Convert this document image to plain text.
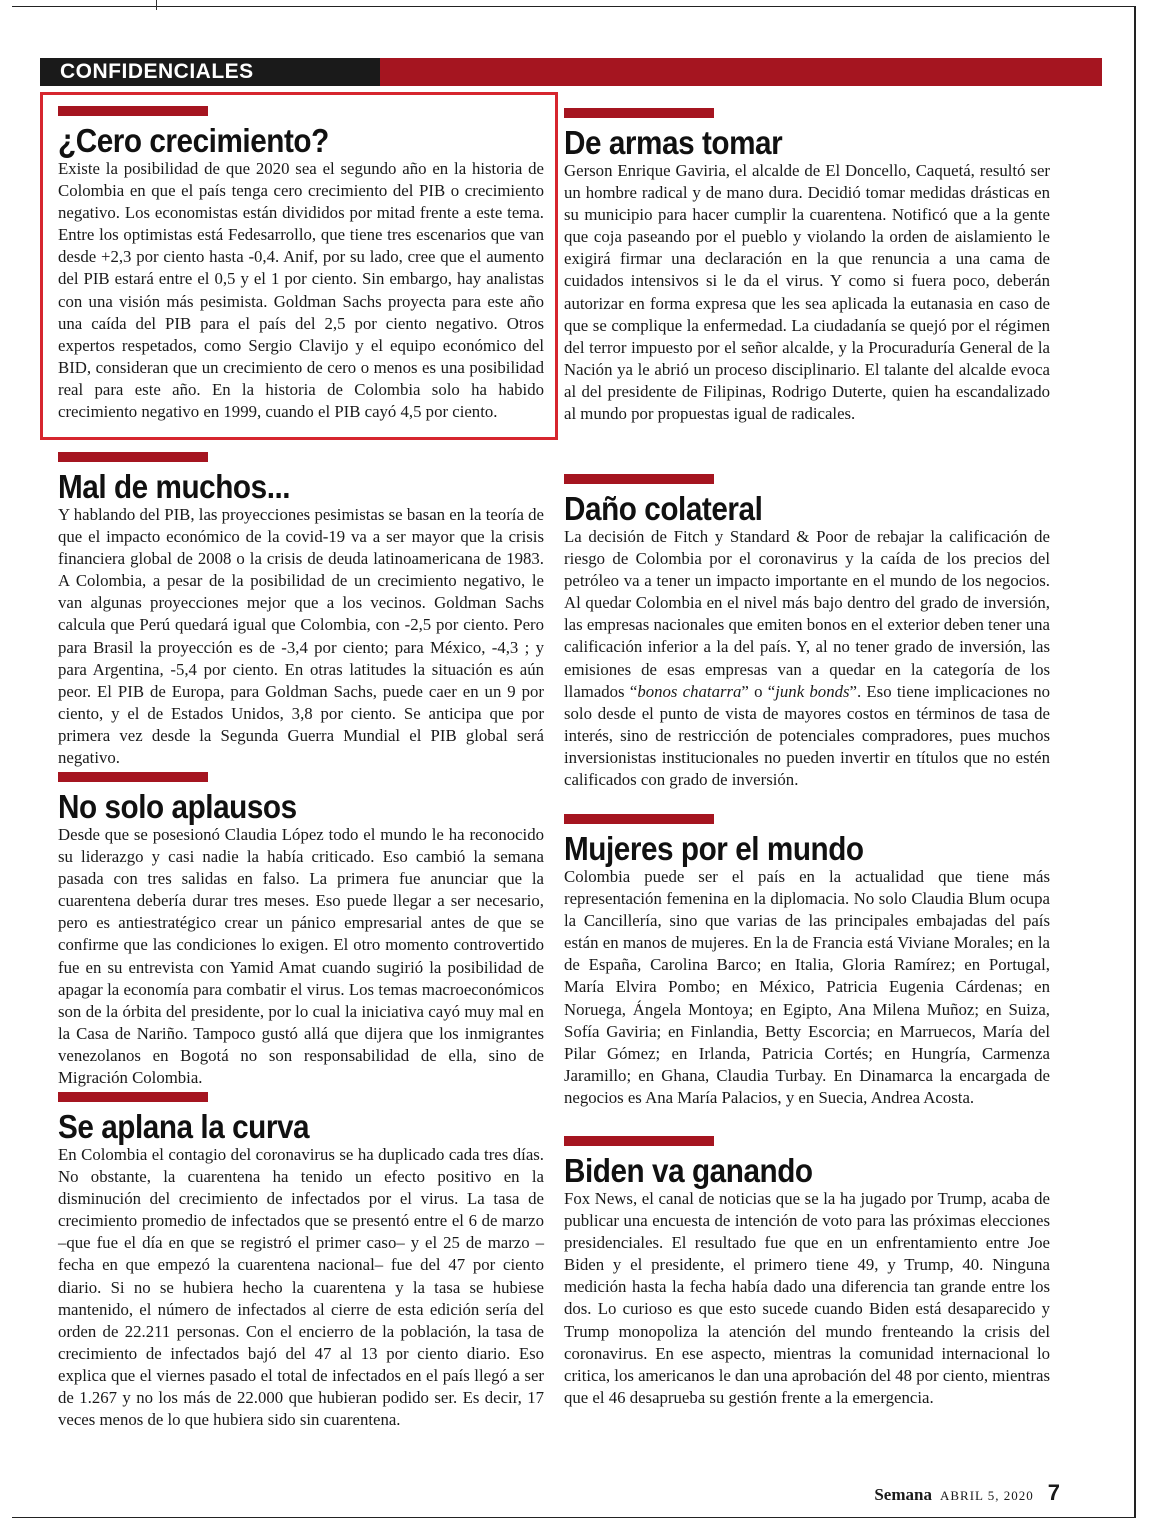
CONFIDENCIALES
¿Cero crecimiento?

Existe la posibilidad de que 2020 sea el segundo año en la historia de Colombia en que el país tenga cero crecimiento del PIB o crecimiento negativo. Los economistas están divididos por mitad frente a este tema. Entre los optimistas está Fedesarrollo, que tiene tres escenarios que van desde +2,3 por ciento hasta -0,4. Anif, por su lado, cree que el aumento del PIB estará entre el 0,5 y el 1 por ciento. Sin embargo, hay analistas con una visión más pesimista. Goldman Sachs proyecta para este año una caída del PIB para el país del 2,5 por ciento negativo. Otros expertos respetados, como Sergio Clavijo y el equipo económico del BID, consideran que un crecimiento de cero o menos es una posibilidad real para este año. En la historia de Colombia solo ha habido crecimiento negativo en 1999, cuando el PIB cayó 4,5 por ciento.

Mal de muchos...

Y hablando del PIB, las proyecciones pesimistas se basan en la teoría de que el impacto económico de la covid-19 va a ser mayor que la crisis financiera global de 2008 o la crisis de deuda latinoamericana de 1983. A Colombia, a pesar de la posibilidad de un crecimiento negativo, le van algunas proyecciones mejor que a los vecinos. Goldman Sachs calcula que Perú quedará igual que Colombia, con -2,5 por ciento. Pero para Brasil la proyección es de -3,4 por ciento; para México, -4,3 ; y para Argentina, -5,4 por ciento. En otras latitudes la situación es aún peor. El PIB de Europa, para Goldman Sachs, puede caer en un 9 por ciento, y el de Estados Unidos, 3,8 por ciento. Se anticipa que por primera vez desde la Segunda Guerra Mundial el PIB global será negativo.

No solo aplausos

Desde que se posesionó Claudia López todo el mundo le ha reconocido su liderazgo y casi nadie la había criticado. Eso cambió la semana pasada con tres salidas en falso. La primera fue anunciar que la cuarentena debería durar tres meses. Eso puede llegar a ser necesario, pero es antiestratégico crear un pánico empresarial antes de que se confirme que las condiciones lo exigen. El otro momento controvertido fue en su entrevista con Yamid Amat cuando sugirió la posibilidad de apagar la economía para combatir el virus. Los temas macroeconómicos son de la órbita del presidente, por lo cual la iniciativa cayó muy mal en la Casa de Nariño. Tampoco gustó allá que dijera que los inmigrantes venezolanos en Bogotá no son responsabilidad de ella, sino de Migración Colombia.

Se aplana la curva

En Colombia el contagio del coronavirus se ha duplicado cada tres días. No obstante, la cuarentena ha tenido un efecto positivo en la disminución del crecimiento de infectados por el virus. La tasa de crecimiento promedio de infectados que se presentó entre el 6 de marzo –que fue el día en que se registró el primer caso– y el 25 de marzo –fecha en que empezó la cuarentena nacional– fue del 47 por ciento diario. Si no se hubiera hecho la cuarentena y la tasa se hubiese mantenido, el número de infectados al cierre de esta edición sería del orden de 22.211 personas. Con el encierro de la población, la tasa de crecimiento de infectados bajó del 47 al 13 por ciento diario. Eso explica que el viernes pasado el total de infectados en el país llegó a ser de 1.267 y no los más de 22.000 que hubieran podido ser. Es decir, 17 veces menos de lo que hubiera sido sin cuarentena.

De armas tomar

Gerson Enrique Gaviria, el alcalde de El Doncello, Caquetá, resultó ser un hombre radical y de mano dura. Decidió tomar medidas drásticas en su municipio para hacer cumplir la cuarentena. Notificó que a la gente que coja paseando por el pueblo y violando la orden de aislamiento le exigirá firmar una declaración en la que renuncia a una cama de cuidados intensivos si le da el virus. Y como si fuera poco, deberán autorizar en forma expresa que les sea aplicada la eutanasia en caso de que se complique la enfermedad. La ciudadanía se quejó por el régimen del terror impuesto por el señor alcalde, y la Procuraduría General de la Nación ya le abrió un proceso disciplinario. El talante del alcalde evoca al del presidente de Filipinas, Rodrigo Duterte, quien ha escandalizado al mundo por propuestas igual de radicales.

Daño colateral

La decisión de Fitch y Standard & Poor de rebajar la calificación de riesgo de Colombia por el coronavirus y la caída de los precios del petróleo va a tener un impacto importante en el mundo de los negocios. Al quedar Colombia en el nivel más bajo dentro del grado de inversión, las empresas nacionales que emiten bonos en el exterior deben tener una calificación inferior a la del país. Y, al no tener grado de inversión, las emisiones de esas empresas van a quedar en la categoría de los llamados “bonos chatarra” o “junk bonds”. Eso tiene implicaciones no solo desde el punto de vista de mayores costos en términos de tasa de interés, sino de restricción de potenciales compradores, pues muchos inversionistas institucionales no pueden invertir en títulos que no estén calificados con grado de inversión.

Mujeres por el mundo

Colombia puede ser el país en la actualidad que tiene más representación femenina en la diplomacia. No solo Claudia Blum ocupa la Cancillería, sino que varias de las principales embajadas del país están en manos de mujeres. En la de Francia está Viviane Morales; en la de España, Carolina Barco; en Italia, Gloria Ramírez; en Portugal, María Elvira Pombo; en México, Patricia Eugenia Cárdenas; en Noruega, Ángela Montoya; en Egipto, Ana Milena Muñoz; en Suiza, Sofía Gaviria; en Finlandia, Betty Escorcia; en Marruecos, María del Pilar Gómez; en Irlanda, Patricia Cortés; en Hungría, Carmenza Jaramillo; en Ghana, Claudia Turbay. En Dinamarca la encargada de negocios es Ana María Palacios, y en Suecia, Andrea Acosta.

Biden va ganando

Fox News, el canal de noticias que se la ha jugado por Trump, acaba de publicar una encuesta de intención de voto para las próximas elecciones presidenciales. El resultado fue que en un enfrentamiento entre Joe Biden y el presidente, el primero tiene 49, y Trump, 40. Ninguna medición hasta la fecha había dado una diferencia tan grande entre los dos. Lo curioso es que esto sucede cuando Biden está desaparecido y Trump monopoliza la atención del mundo frenteando la crisis del coronavirus. En ese aspecto, mientras la comunidad internacional lo critica, los americanos le dan una aprobación del 48 por ciento, mientras que el 46 desaprueba su gestión frente a la emergencia.

Semana ABRIL 5, 2020 7
